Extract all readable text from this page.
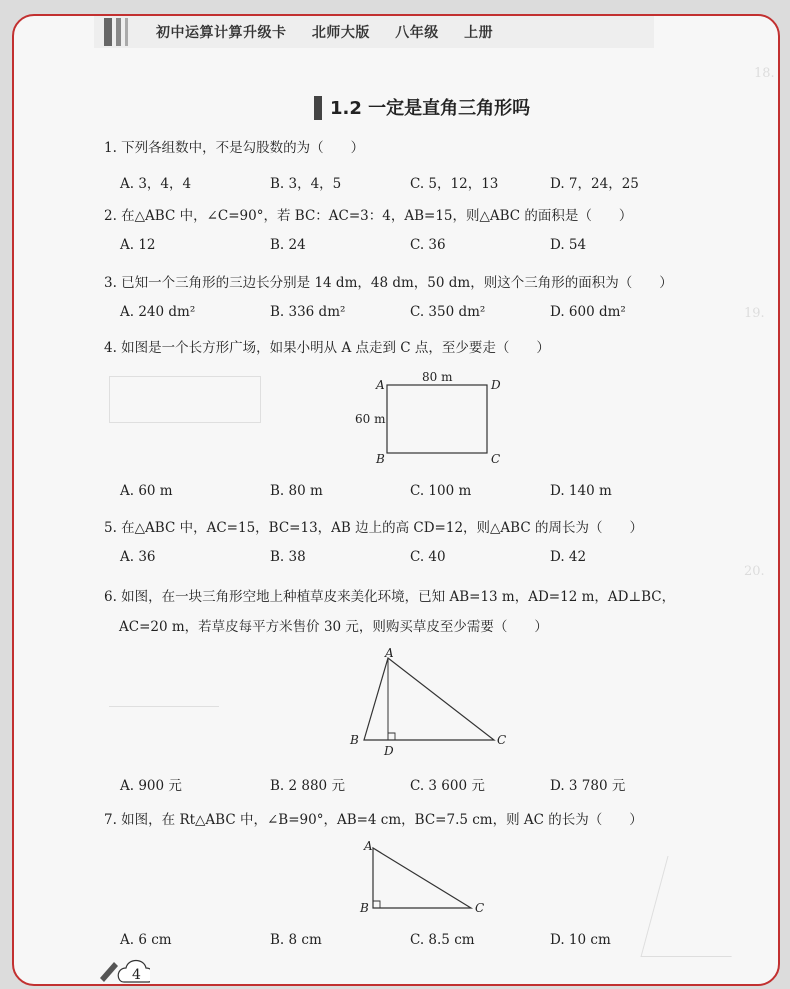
18.
19.
20.
初中运算计算升级卡 北师大版 八年级 上册
1.2 一定是直角三角形吗
1. 下列各组数中，不是勾股数的为（　　）
A. 3，4，4	B. 3，4，5	C. 5，12，13	D. 7，24，25
2. 在△ABC 中，∠C=90°，若 BC：AC=3：4，AB=15，则△ABC 的面积是（　　）
A. 12	B. 24	C. 36	D. 54
3. 已知一个三角形的三边长分别是 14 dm，48 dm，50 dm，则这个三角形的面积为（　　）
A. 240 dm²	B. 336 dm²	C. 350 dm²	D. 600 dm²
4. 如图是一个长方形广场，如果小明从 A 点走到 C 点，至少要走（　　）
A	D
B	C
80 m
60 m
A. 60 m	B. 80 m	C. 100 m	D. 140 m
5. 在△ABC 中，AC=15，BC=13，AB 边上的高 CD=12，则△ABC 的周长为（　　）
A. 36	B. 38	C. 40	D. 42
6. 如图，在一块三角形空地上种植草皮来美化环境，已知 AB=13 m，AD=12 m，AD⊥BC，
AC=20 m，若草皮每平方米售价 30 元，则购买草皮至少需要（　　）
A
B
D
C
A. 900 元	B. 2 880 元	C. 3 600 元	D. 3 780 元
7. 如图，在 Rt△ABC 中，∠B=90°，AB=4 cm，BC=7.5 cm，则 AC 的长为（　　）
A
B	C
A. 6 cm	B. 8 cm	C. 8.5 cm	D. 10 cm
4
